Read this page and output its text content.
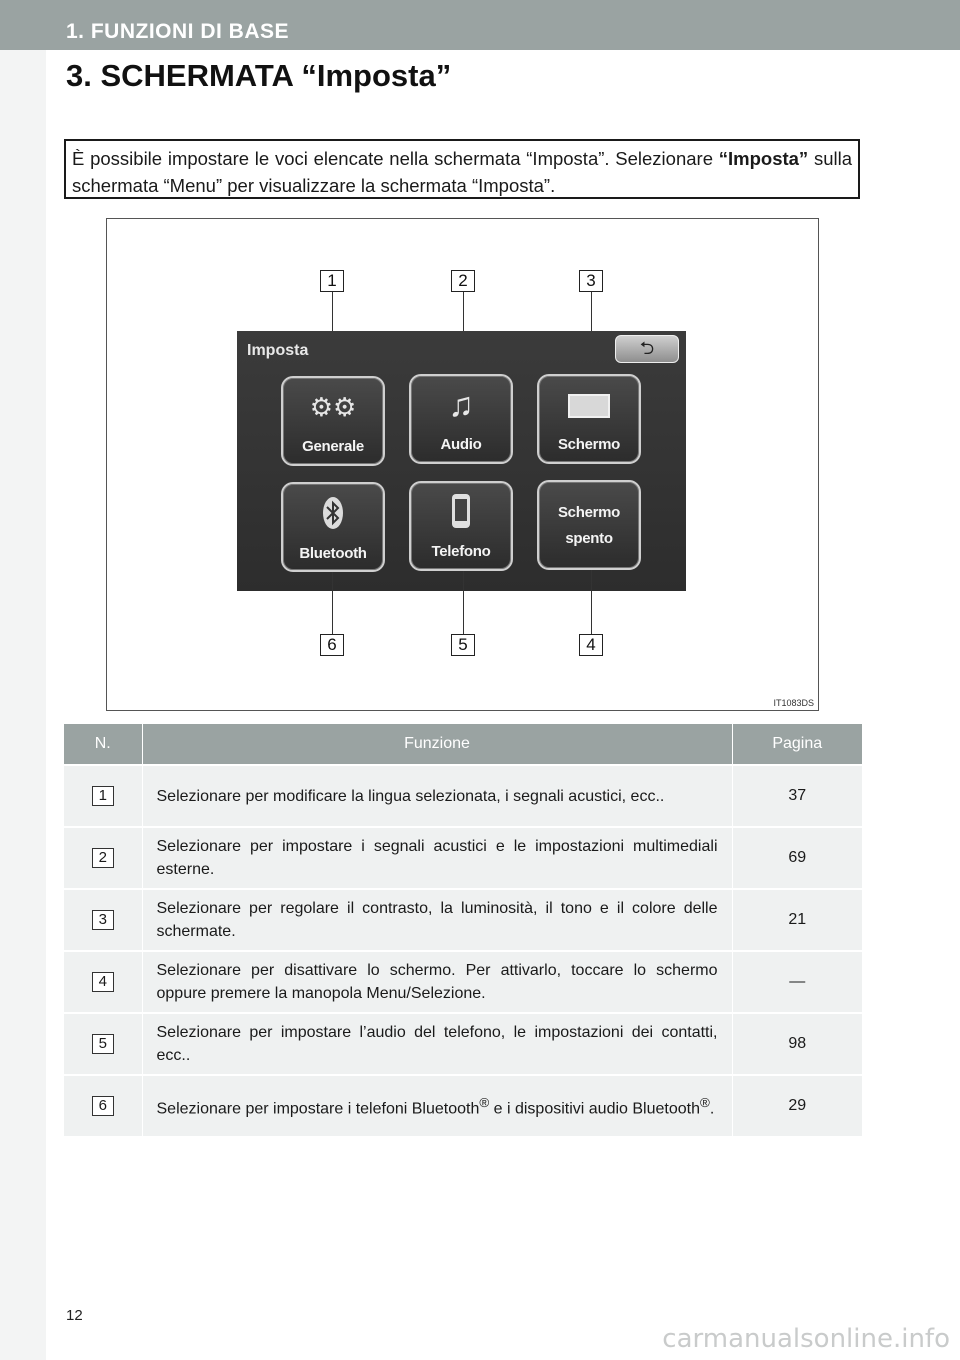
1. FUNZIONI DI BASE
3. SCHERMATA “Imposta”

È possibile impostare le voci elencate nella schermata “Imposta”. Selezionare “Imposta” sulla schermata “Menu” per visualizzare la schermata “Imposta”.

IT1083DS
1	2	3
Imposta	⮌
⚙⚙
Generale
♫
Audio	Schermo
Bluetooth	Telefono
Schermo
spento
6	5	4
N.	Funzione	Pagina
1	Selezionare per modificare la lingua selezionata, i segnali acustici, ecc..	37
2	Selezionare per impostare i segnali acustici e le impostazioni multimediali esterne.	69
3	Selezionare per regolare il contrasto, la luminosità, il tono e il colore delle schermate.	21
4	Selezionare per disattivare lo schermo. Per attivarlo, toccare lo schermo oppure premere la manopola Menu/Selezione.	—
5	Selezionare per impostare l’audio del telefono, le impostazioni dei contatti, ecc..	98
6	Selezionare per impostare i telefoni Bluetooth® e i dispositivi audio Bluetooth®.	29
12
carmanualsonline.info
